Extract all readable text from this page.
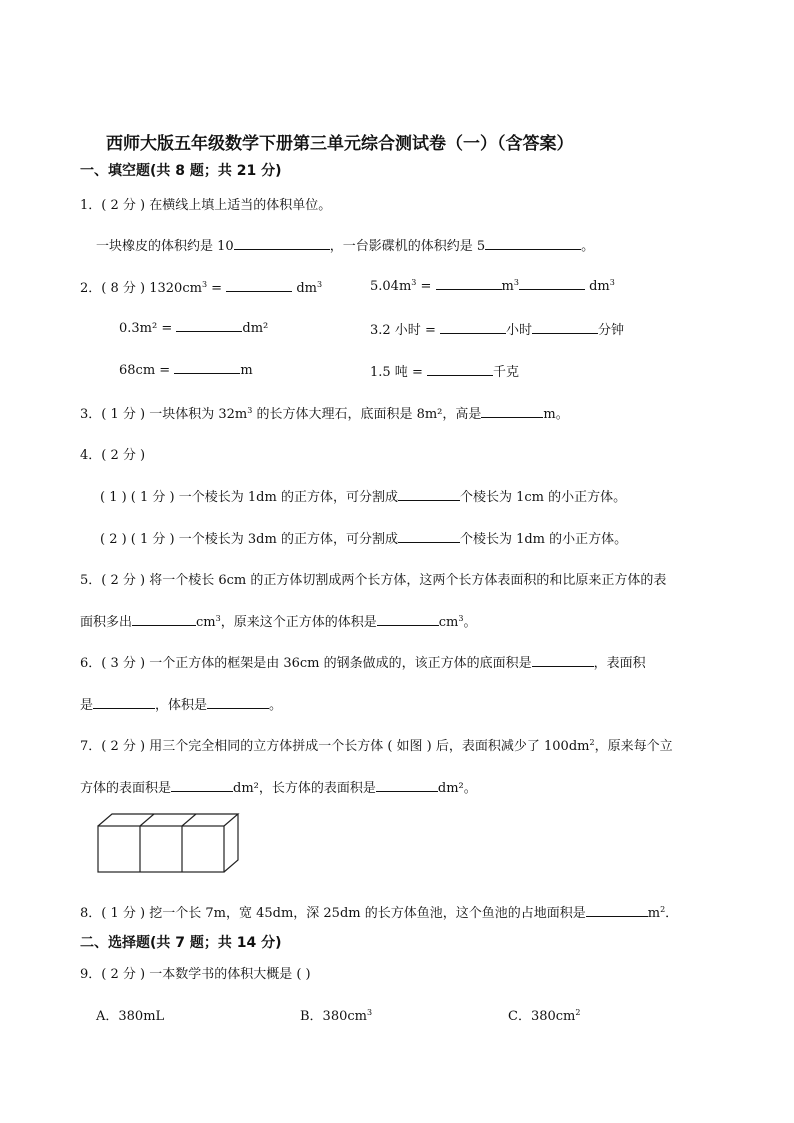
西师大版五年级数学下册第三单元综合测试卷（一）（含答案）
一、填空题(共 8 题；共 21 分)
1．( 2 分 ) 在横线上填上适当的体积单位。
一块橡皮的体积约是 10	，一台影碟机的体积约是 5	。
2．( 8 分 ) $1320cm^3$ =	$dm^3$	$5.04m^3$ =	$m^3$	$dm^3$
0.3m² =	dm²	3.2 小时 =	小时	分钟
68cm =	m	1.5 吨 =	千克
3．( 1 分 ) 一块体积为 $32m^3$ 的长方体大理石，底面积是 8m²，高是	m。
4．( 2 分 )
( 1 ) ( 1 分 ) 一个棱长为 1dm 的正方体，可分割成	个棱长为 1cm 的小正方体。
( 2 ) ( 1 分 ) 一个棱长为 3dm 的正方体，可分割成	个棱长为 1dm 的小正方体。
5．( 2 分 ) 将一个棱长 6cm 的正方体切割成两个长方体，这两个长方体表面积的和比原来正方体的表
面积多出	$cm^3$，原来这个正方体的体积是	$cm^3$。
6．( 3 分 ) 一个正方体的框架是由 36cm 的钢条做成的，该正方体的底面积是	，表面积
是	，体积是	。
7．( 2 分 ) 用三个完全相同的立方体拼成一个长方体 ( 如图 ) 后，表面积减少了 $100dm^2$，原来每个立
方体的表面积是	dm²，长方体的表面积是	dm²。
8．( 1 分 ) 挖一个长 7m，宽 45dm，深 25dm 的长方体鱼池，这个鱼池的占地面积是	$m^2$．
二、选择题(共 7 题；共 14 分)
9．( 2 分 ) 一本数学书的体积大概是 ( )
A．380mL	B．$380cm^3$	C．$380cm^2$
